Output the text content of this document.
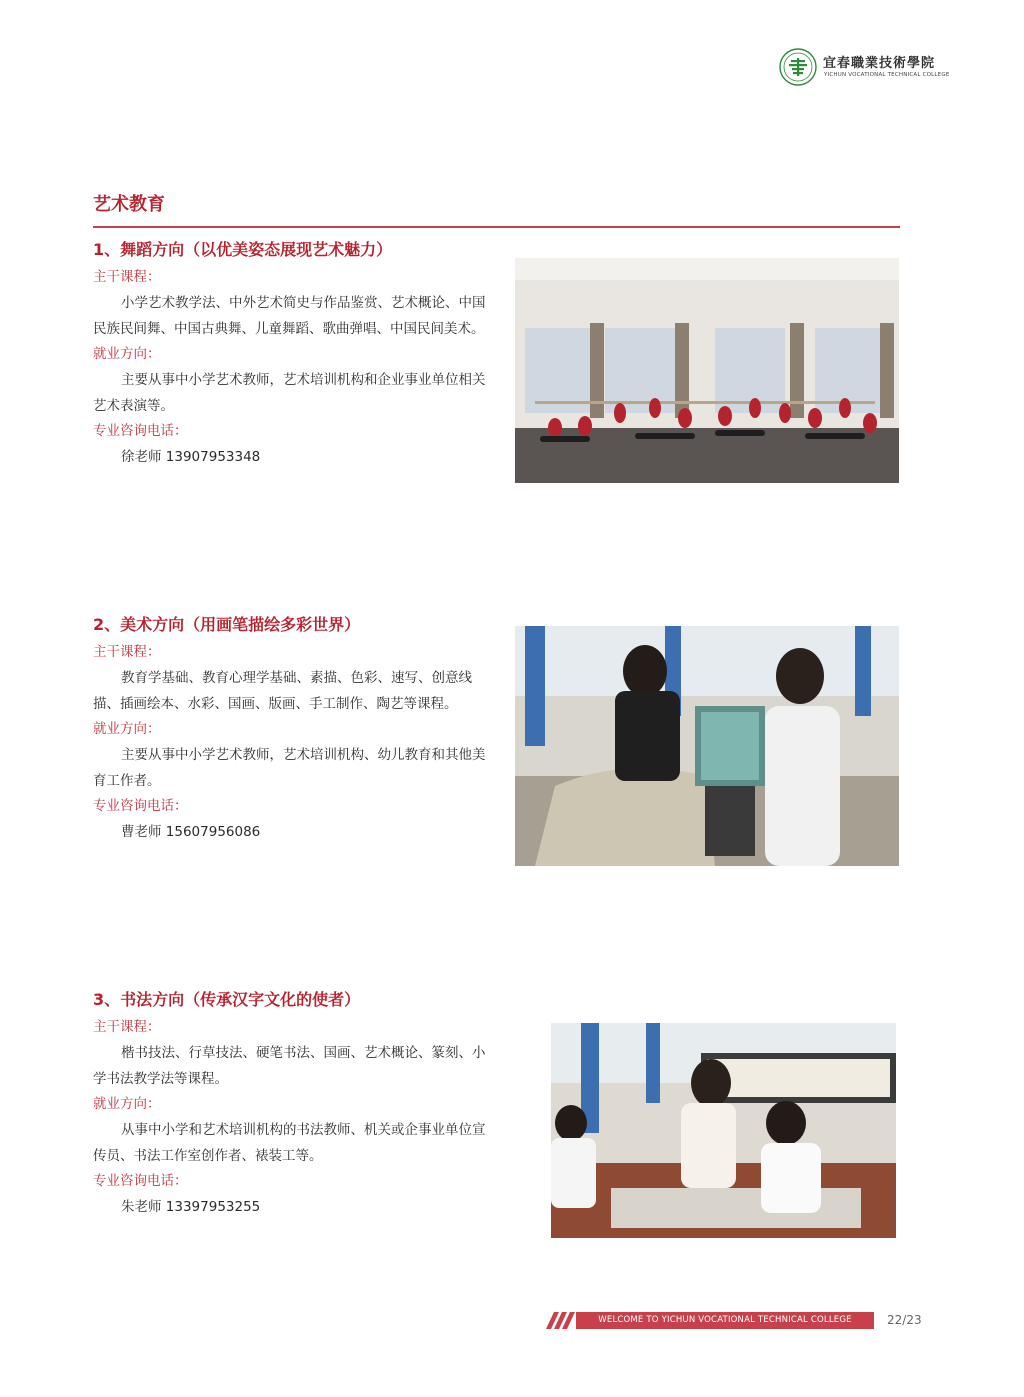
宜春職業技術學院
YICHUN VOCATIONAL TECHNICAL COLLEGE
艺术教育
1、舞蹈方向（以优美姿态展现艺术魅力）
主干课程：

小学艺术教学法、中外艺术简史与作品鉴赏、艺术概论、中国民族民间舞、中国古典舞、儿童舞蹈、歌曲弹唱、中国民间美术。

就业方向：

主要从事中小学艺术教师，艺术培训机构和企业事业单位相关艺术表演等。

专业咨询电话：
徐老师 13907953348
2、美术方向（用画笔描绘多彩世界）
主干课程：

教育学基础、教育心理学基础、素描、色彩、速写、创意线描、插画绘本、水彩、国画、版画、手工制作、陶艺等课程。

就业方向：

主要从事中小学艺术教师，艺术培训机构、幼儿教育和其他美育工作者。

专业咨询电话：
曹老师 15607956086
3、书法方向（传承汉字文化的使者）
主干课程：

楷书技法、行草技法、硬笔书法、国画、艺术概论、篆刻、小学书法教学法等课程。

就业方向：

从事中小学和艺术培训机构的书法教师、机关或企事业单位宣传员、书法工作室创作者、裱装工等。

专业咨询电话：
朱老师 13397953255
WELCOME TO YICHUN VOCATIONAL TECHNICAL COLLEGE	22/23
